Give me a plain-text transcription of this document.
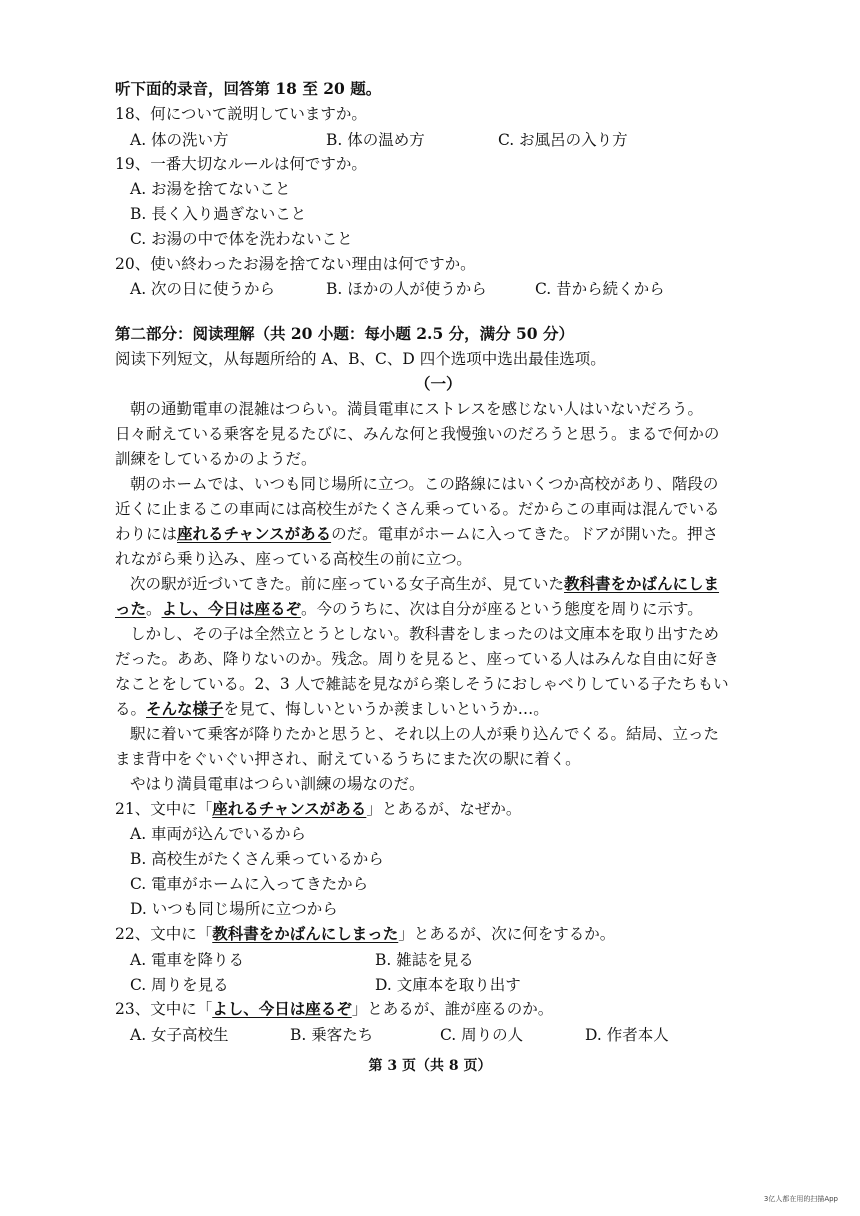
听下面的录音，回答第 18 至 20 题。
18、何について説明していますか。
A. 体の洗い方	B. 体の温め方	C. お風呂の入り方
19、一番大切なルールは何ですか。
A. お湯を捨てないこと
B. 長く入り過ぎないこと
C. お湯の中で体を洗わないこと
20、使い終わったお湯を捨てない理由は何ですか。
A. 次の日に使うから	B. ほかの人が使うから	C. 昔から続くから
第二部分：阅读理解（共 20 小题：每小题 2.5 分，满分 50 分）
阅读下列短文，从每题所给的 A、B、C、D 四个选项中选出最佳选项。
（一）
朝の通勤電車の混雑はつらい。満員電車にストレスを感じない人はいないだろう。
日々耐えている乗客を見るたびに、みんな何と我慢強いのだろうと思う。まるで何かの
訓練をしているかのようだ。
朝のホームでは、いつも同じ場所に立つ。この路線にはいくつか高校があり、階段の
近くに止まるこの車両には高校生がたくさん乗っている。だからこの車両は混んでいる
わりには座れるチャンスがあるのだ。電車がホームに入ってきた。ドアが開いた。押さ
れながら乗り込み、座っている高校生の前に立つ。
次の駅が近づいてきた。前に座っている女子高生が、見ていた教科書をかばんにしま
った。よし、今日は座るぞ。今のうちに、次は自分が座るという態度を周りに示す。
しかし、その子は全然立とうとしない。教科書をしまったのは文庫本を取り出すため
だった。ああ、降りないのか。残念。周りを見ると、座っている人はみんな自由に好き
なことをしている。2、3 人で雑誌を見ながら楽しそうにおしゃべりしている子たちもい
る。そんな様子を見て、悔しいというか羨ましいというか…。
駅に着いて乗客が降りたかと思うと、それ以上の人が乗り込んでくる。結局、立った
まま背中をぐいぐい押され、耐えているうちにまた次の駅に着く。
やはり満員電車はつらい訓練の場なのだ。
21、文中に「座れるチャンスがある」とあるが、なぜか。
A. 車両が込んでいるから
B. 高校生がたくさん乗っているから
C. 電車がホームに入ってきたから
D. いつも同じ場所に立つから
22、文中に「教科書をかばんにしまった」とあるが、次に何をするか。
A. 電車を降りる	B. 雑誌を見る
C. 周りを見る	D. 文庫本を取り出す
23、文中に「よし、今日は座るぞ」とあるが、誰が座るのか。
A. 女子高校生	B. 乗客たち	C. 周りの人	D. 作者本人
第 3 页（共 8 页）
3亿人都在用的扫描App
